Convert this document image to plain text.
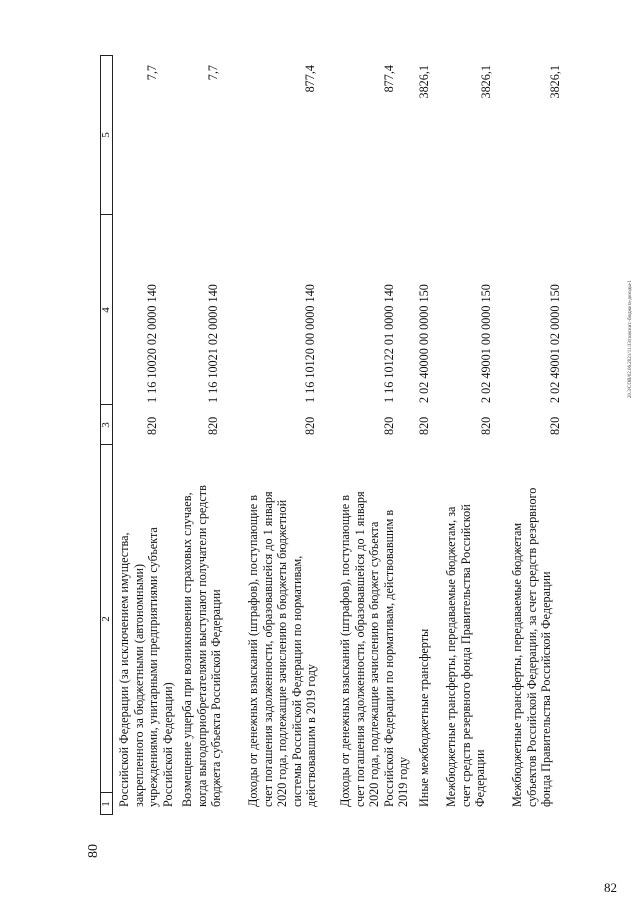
80
82
20.3/СОВ/02.06.2021/11:33/пояснит.-бюджета-доходы-1
1
2
3
4
5
Российской Федерации (за исключением имущества, закрепленного за бюджетными (автономными) учреждениями, унитарными предприятиями субъекта Российской Федерации)
820
1 16 10020 02 0000 140
7,7
Возмещение ущерба при возникновении страховых случаев, когда выгодоприобретателями выступают получатели средств бюджета субъекта Российской Федерации
820
1 16 10021 02 0000 140
7,7
Доходы от денежных взысканий (штрафов), поступающие в счет погашения задолженности, образовавшейся до 1 января 2020 года, подлежащие зачислению в бюджеты бюджетной системы Российской Федерации по нормативам, действовавшим в 2019 году
820
1 16 10120 00 0000 140
877,4
Доходы от денежных взысканий (штрафов), поступающие в счет погашения задолженности, образовавшейся до 1 января 2020 года, подлежащие зачислению в бюджет субъекта Российской Федерации по нормативам, действовавшим в 2019 году
820
1 16 10122 01 0000 140
877,4
Иные межбюджетные трансферты
820
2 02 40000 00 0000 150
3826,1
Межбюджетные трансферты, передаваемые бюджетам, за счет средств резервного фонда Правительства Российской Федерации
820
2 02 49001 00 0000 150
3826,1
Межбюджетные трансферты, передаваемые бюджетам субъектов Российской Федерации, за счет средств резервного фонда Правительства Российской Федерации
820
2 02 49001 02 0000 150
3826,1
